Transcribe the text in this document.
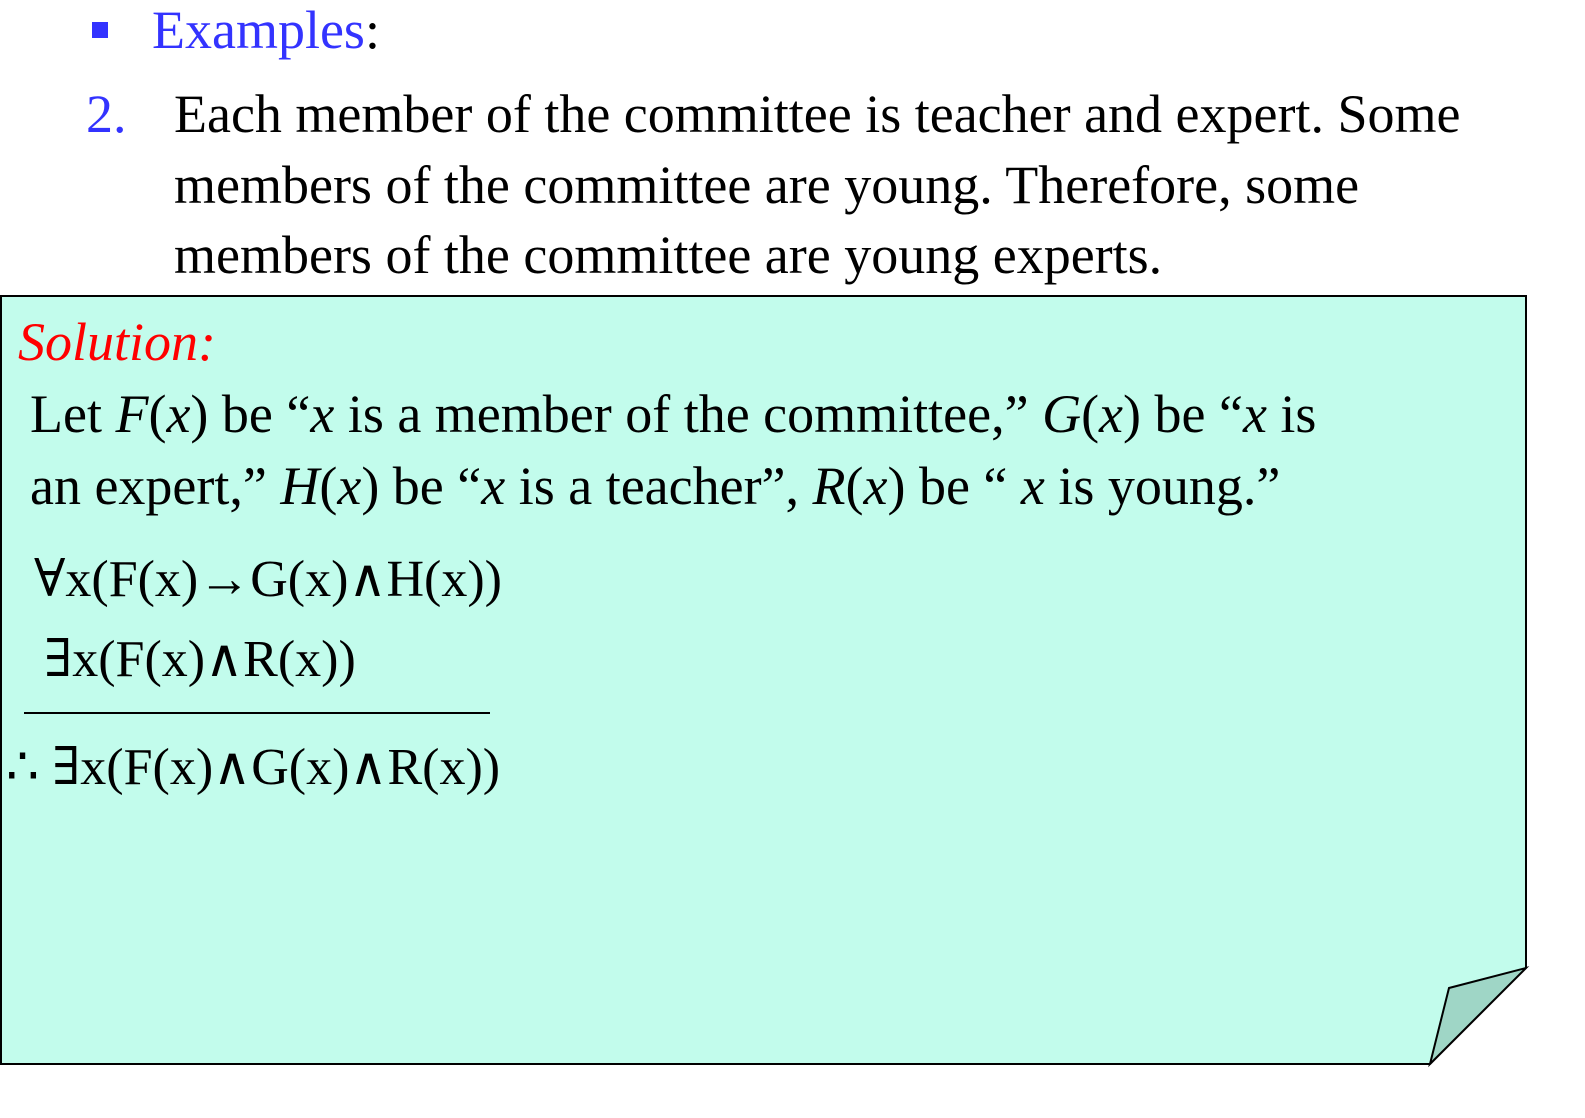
Examples:
2. Each member of the committee is teacher and expert. Some
members of the committee are young. Therefore, some
members of the committee are young experts.
Solution:
Let F(x) be “x is a member of the committee,” G(x) be “x is
an expert,” H(x) be “x is a teacher”, R(x) be “ x is young.”
∀x(F(x)→G(x)∧H(x))
∃x(F(x)∧R(x))
∴ ∃x(F(x)∧G(x)∧R(x))
